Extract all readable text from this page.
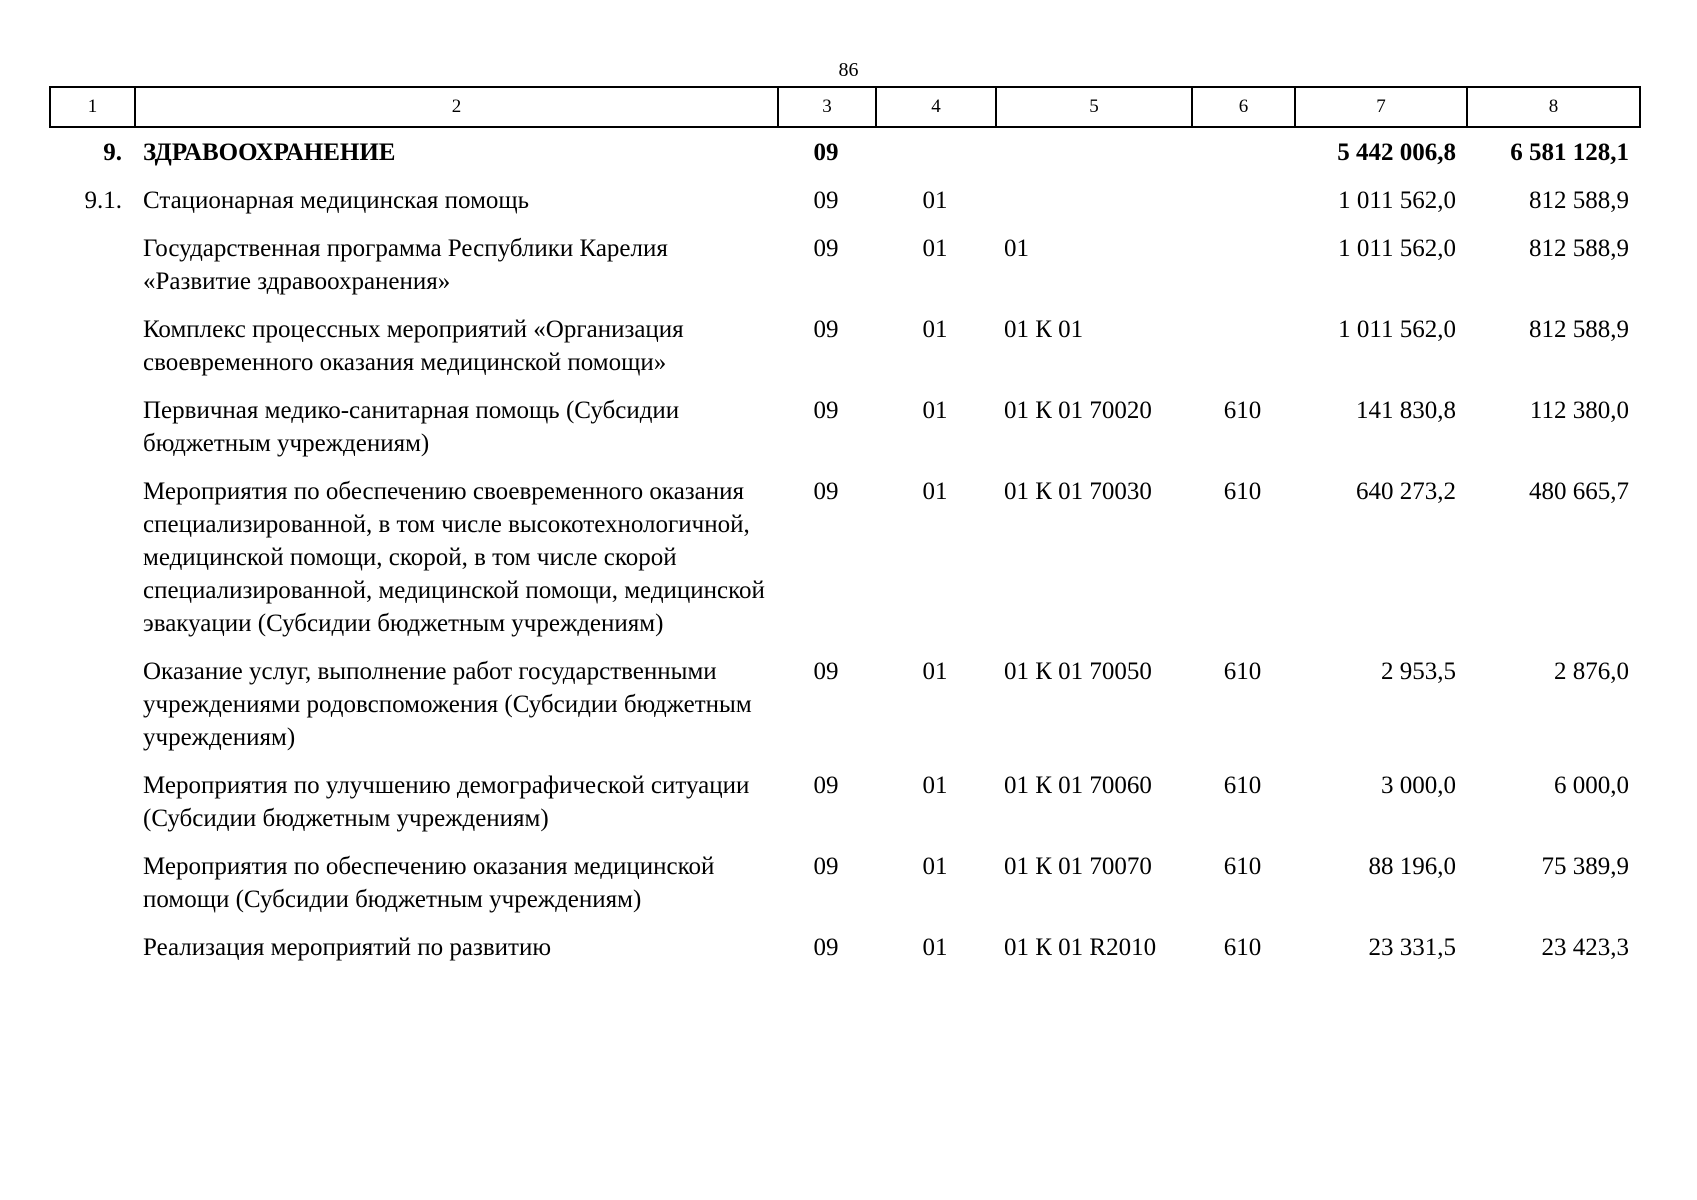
86
1	2	3	4	5	6	7	8
9.	ЗДРАВООХРАНЕНИЕ	09				5 442 006,8	6 581 128,1

9.1.	Стационарная медицинская помощь	09	01			1 011 562,0	812 588,9

	Государственная программа Республики Карелия «Развитие здравоохранения»	09	01	01		1 011 562,0	812 588,9

	Комплекс процессных мероприятий «Организация своевременного оказания медицинской помощи»	09	01	01 К 01		1 011 562,0	812 588,9

	Первичная медико-санитарная помощь (Субсидии бюджетным учреждениям)	09	01	01 К 01 70020	610	141 830,8	112 380,0

	Мероприятия по обеспечению своевременного оказания специализированной, в том числе высокотехнологичной, медицинской помощи, скорой, в том числе скорой специализированной, медицинской помощи, медицинской эвакуации (Субсидии бюджетным учреждениям)	09	01	01 К 01 70030	610	640 273,2	480 665,7

	Оказание услуг, выполнение работ государственными учреждениями родовспоможения (Субсидии бюджетным учреждениям)	09	01	01 К 01 70050	610	2 953,5	2 876,0

	Мероприятия по улучшению демографической ситуации (Субсидии бюджетным учреждениям)	09	01	01 К 01 70060	610	3 000,0	6 000,0

	Мероприятия по обеспечению оказания медицинской помощи (Субсидии бюджетным учреждениям)	09	01	01 К 01 70070	610	88 196,0	75 389,9

	Реализация мероприятий по развитию	09	01	01 К 01 R2010	610	23 331,5	23 423,3
